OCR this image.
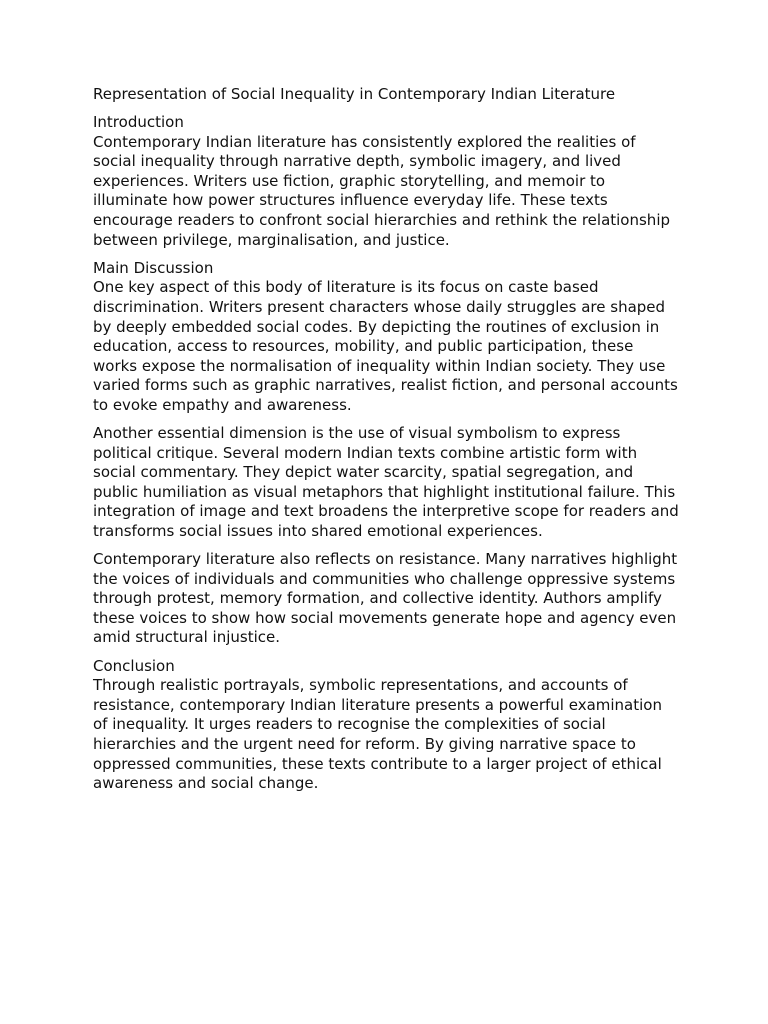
Representation of Social Inequality in Contemporary Indian Literature

Introduction

Contemporary Indian literature has consistently explored the realities of social inequality through narrative depth, symbolic imagery, and lived experiences. Writers use fiction, graphic storytelling, and memoir to illuminate how power structures influence everyday life. These texts encourage readers to confront social hierarchies and rethink the relationship between privilege, marginalisation, and justice.

Main Discussion

One key aspect of this body of literature is its focus on caste based discrimination. Writers present characters whose daily struggles are shaped by deeply embedded social codes. By depicting the routines of exclusion in education, access to resources, mobility, and public participation, these works expose the normalisation of inequality within Indian society. They use varied forms such as graphic narratives, realist fiction, and personal accounts to evoke empathy and awareness.

Another essential dimension is the use of visual symbolism to express political critique. Several modern Indian texts combine artistic form with social commentary. They depict water scarcity, spatial segregation, and public humiliation as visual metaphors that highlight institutional failure. This integration of image and text broadens the interpretive scope for readers and transforms social issues into shared emotional experiences.

Contemporary literature also reflects on resistance. Many narratives highlight the voices of individuals and communities who challenge oppressive systems through protest, memory formation, and collective identity. Authors amplify these voices to show how social movements generate hope and agency even amid structural injustice.

Conclusion

Through realistic portrayals, symbolic representations, and accounts of resistance, contemporary Indian literature presents a powerful examination of inequality. It urges readers to recognise the complexities of social hierarchies and the urgent need for reform. By giving narrative space to oppressed communities, these texts contribute to a larger project of ethical awareness and social change.
